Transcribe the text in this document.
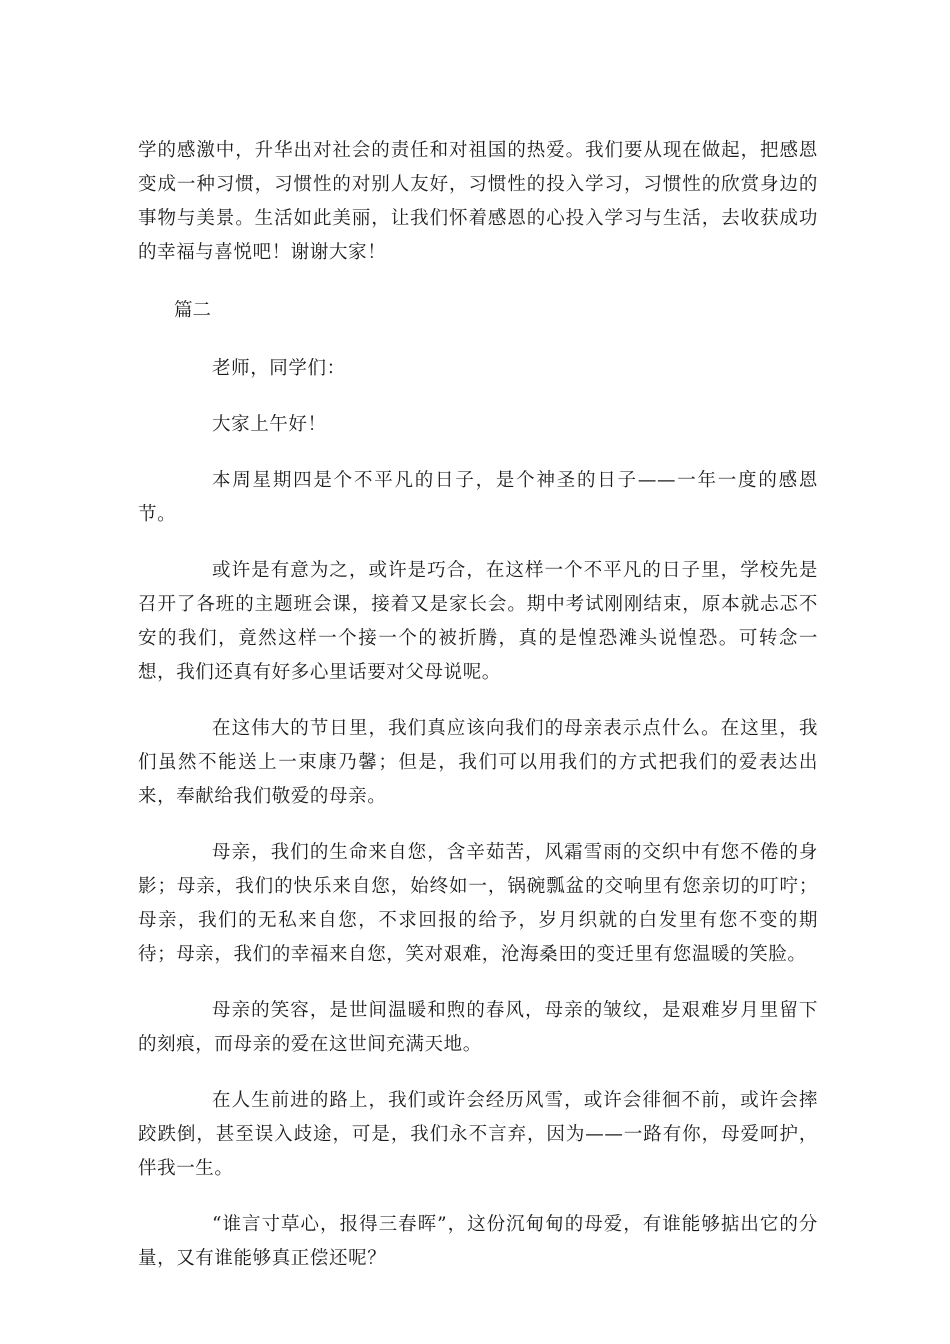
学的感激中，升华出对社会的责任和对祖国的热爱。我们要从现在做起，把感恩变成一种习惯，习惯性的对别人友好，习惯性的投入学习，习惯性的欣赏身边的事物与美景。生活如此美丽，让我们怀着感恩的心投入学习与生活，去收获成功的幸福与喜悦吧！谢谢大家！

篇二

老师，同学们：

大家上午好！

本周星期四是个不平凡的日子，是个神圣的日子——一年一度的感恩节。

或许是有意为之，或许是巧合，在这样一个不平凡的日子里，学校先是召开了各班的主题班会课，接着又是家长会。期中考试刚刚结束，原本就忐忑不安的我们，竟然这样一个接一个的被折腾，真的是惶恐滩头说惶恐。可转念一想，我们还真有好多心里话要对父母说呢。

在这伟大的节日里，我们真应该向我们的母亲表示点什么。在这里，我们虽然不能送上一束康乃馨；但是，我们可以用我们的方式把我们的爱表达出来，奉献给我们敬爱的母亲。

母亲，我们的生命来自您，含辛茹苦，风霜雪雨的交织中有您不倦的身影；母亲，我们的快乐来自您，始终如一，锅碗瓢盆的交响里有您亲切的叮咛；母亲，我们的无私来自您，不求回报的给予，岁月织就的白发里有您不变的期待；母亲，我们的幸福来自您，笑对艰难，沧海桑田的变迁里有您温暖的笑脸。

母亲的笑容，是世间温暖和煦的春风，母亲的皱纹，是艰难岁月里留下的刻痕，而母亲的爱在这世间充满天地。

在人生前进的路上，我们或许会经历风雪，或许会徘徊不前，或许会摔跤跌倒，甚至误入歧途，可是，我们永不言弃，因为——一路有你，母爱呵护，伴我一生。

“谁言寸草心，报得三春晖”，这份沉甸甸的母爱，有谁能够掂出它的分量，又有谁能够真正偿还呢？
